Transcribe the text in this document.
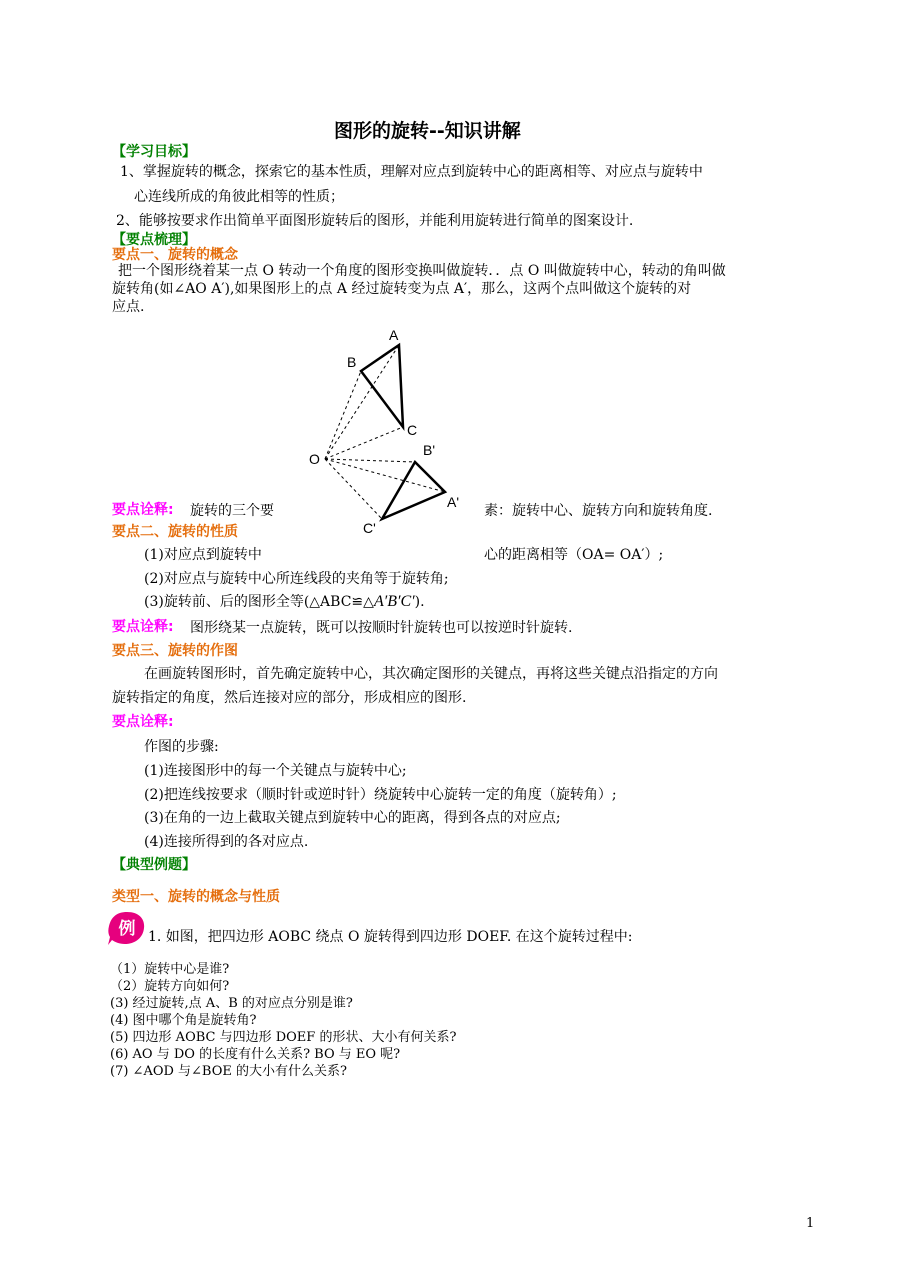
图形的旋转--知识讲解
【学习目标】
1、掌握旋转的概念，探索它的基本性质，理解对应点到旋转中心的距离相等、对应点与旋转中
心连线所成的角彼此相等的性质；
2、能够按要求作出简单平面图形旋转后的图形，并能利用旋转进行简单的图案设计.
【要点梳理】
要点一、旋转的概念
把一个图形绕着某一点 O 转动一个角度的图形变换叫做旋转．．点 O 叫做旋转中心，转动的角叫做
旋转角(如∠AO A′),如果图形上的点 A 经过旋转变为点 A′，那么，这两个点叫做这个旋转的对
应点.
A
B
C
O
B'
A'
C'
要点诠释: 旋转的三个要	素：旋转中心、旋转方向和旋转角度.
要点二、旋转的性质
(1)对应点到旋转中	心的距离相等（OA= OA′）;
(2)对应点与旋转中心所连线段的夹角等于旋转角;
(3)旋转前、后的图形全等(△ABC≌△A′B′C′).
要点诠释: 图形绕某一点旋转，既可以按顺时针旋转也可以按逆时针旋转.
要点三、旋转的作图
在画旋转图形时，首先确定旋转中心，其次确定图形的关键点，再将这些关键点沿指定的方向
旋转指定的角度，然后连接对应的部分，形成相应的图形.
要点诠释:
作图的步骤:
(1)连接图形中的每一个关键点与旋转中心;
(2)把连线按要求（顺时针或逆时针）绕旋转中心旋转一定的角度（旋转角）;
(3)在角的一边上截取关键点到旋转中心的距离，得到各点的对应点;
(4)连接所得到的各对应点.
【典型例题】
类型一、旋转的概念与性质
例 1. 如图，把四边形 AOBC 绕点 O 旋转得到四边形 DOEF. 在这个旋转过程中:
（1）旋转中心是谁?
（2）旋转方向如何?
(3) 经过旋转,点 A、B 的对应点分别是谁?
(4) 图中哪个角是旋转角?
(5) 四边形 AOBC 与四边形 DOEF 的形状、大小有何关系?
(6) AO 与 DO 的长度有什么关系? BO 与 EO 呢?
(7) ∠AOD 与∠BOE 的大小有什么关系?
1
